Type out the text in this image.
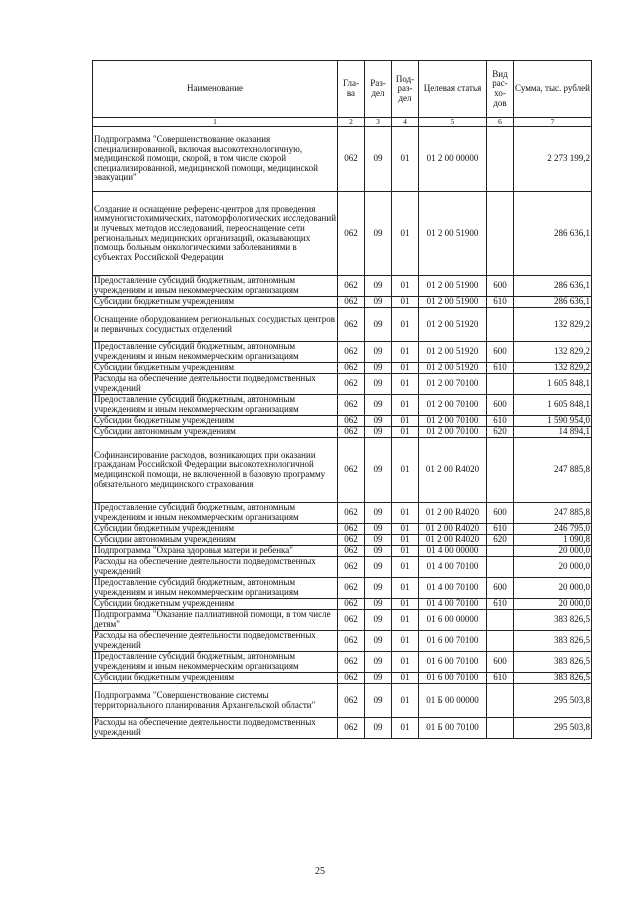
Наименование	Гла-ва	Раз-дел	Под-раз-дел	Целевая статья	Вид рас-хо-дов	Сумма, тыс. рублей
1	2	3	4	5	6	7
Подпрограмма "Совершенствование оказания специализированной, включая высокотехнологичную, медицинской помощи, скорой, в том числе скорой специализированной, медицинской помощи, медицинской эвакуации"	062	09	01	01 2 00 00000		2 273 199,2
Создание и оснащение референс-центров для проведения иммуногистохимических, патоморфологических исследований и лучевых методов исследований, переоснащение сети региональных медицинских организаций, оказывающих помощь больным онкологическими заболеваниями в субъектах Российской Федерации	062	09	01	01 2 00 51900		286 636,1
Предоставление субсидий бюджетным, автономным учреждениям и иным некоммерческим организациям	062	09	01	01 2 00 51900	600	286 636,1
Субсидии бюджетным учреждениям	062	09	01	01 2 00 51900	610	286 636,1
Оснащение оборудованием региональных сосудистых центров и первичных сосудистых отделений	062	09	01	01 2 00 51920		132 829,2
Предоставление субсидий бюджетным, автономным учреждениям и иным некоммерческим организациям	062	09	01	01 2 00 51920	600	132 829,2
Субсидии бюджетным учреждениям	062	09	01	01 2 00 51920	610	132 829,2
Расходы на обеспечение деятельности подведомственных учреждений	062	09	01	01 2 00 70100		1 605 848,1
Предоставление субсидий бюджетным, автономным учреждениям и иным некоммерческим организациям	062	09	01	01 2 00 70100	600	1 605 848,1
Субсидии бюджетным учреждениям	062	09	01	01 2 00 70100	610	1 590 954,0
Субсидии автономным учреждениям	062	09	01	01 2 00 70100	620	14 894,1
Софинансирование расходов, возникающих при оказании гражданам Российской Федерации высокотехнологичной медицинской помощи, не включенной в базовую программу обязательного медицинского страхования	062	09	01	01 2 00 R4020		247 885,8
Предоставление субсидий бюджетным, автономным учреждениям и иным некоммерческим организациям	062	09	01	01 2 00 R4020	600	247 885,8
Субсидии бюджетным учреждениям	062	09	01	01 2 00 R4020	610	246 795,0
Субсидии автономным учреждениям	062	09	01	01 2 00 R4020	620	1 090,8
Подпрограмма "Охрана здоровья матери и ребенка"	062	09	01	01 4 00 00000		20 000,0
Расходы на обеспечение деятельности подведомственных учреждений	062	09	01	01 4 00 70100		20 000,0
Предоставление субсидий бюджетным, автономным учреждениям и иным некоммерческим организациям	062	09	01	01 4 00 70100	600	20 000,0
Субсидии бюджетным учреждениям	062	09	01	01 4 00 70100	610	20 000,0
Подпрограмма "Оказание паллиативной помощи, в том числе детям"	062	09	01	01 6 00 00000		383 826,5
Расходы на обеспечение деятельности подведомственных учреждений	062	09	01	01 6 00 70100		383 826,5
Предоставление субсидий бюджетным, автономным учреждениям и иным некоммерческим организациям	062	09	01	01 6 00 70100	600	383 826,5
Субсидии бюджетным учреждениям	062	09	01	01 6 00 70100	610	383 826,5
Подпрограмма "Совершенствование системы территориального планирования Архангельской области"	062	09	01	01 Б 00 00000		295 503,8
Расходы на обеспечение деятельности подведомственных учреждений	062	09	01	01 Б 00 70100		295 503,8
25
